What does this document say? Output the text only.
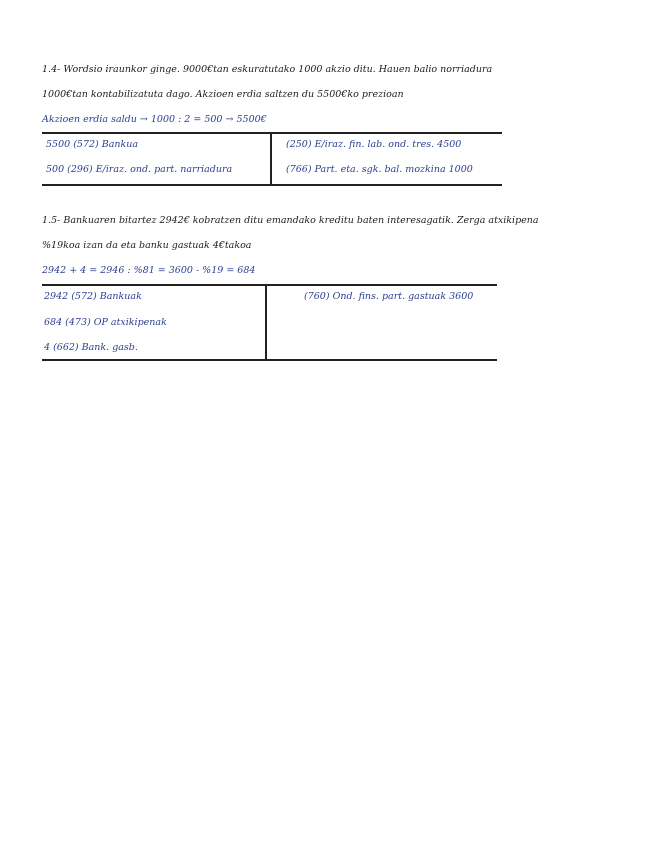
1.4- Wordsio iraunkor ginge. 9000€tan eskuratutako 1000 akzio ditu. Hauen balio norriadura
1000€tan kontabilizatuta dago. Akzioen erdia saltzen du 5500€ko prezioan
Akzioen erdia saldu → 1000 : 2 = 500 → 5500€
5500 (572) Bankua
500 (296) E/iraz. ond. part. narriadura
(250) E/iraz. fin. lab. ond. tres. 4500
(766) Part. eta. sgk. bal. mozkina 1000
1.5- Bankuaren bitartez 2942€ kobratzen ditu emandako kreditu baten interesagatik. Zerga atxikipena
%19koa izan da eta banku gastuak 4€takoa
2942 + 4 = 2946 : %81 = 3600 - %19 = 684
2942 (572) Bankuak
684 (473) OP atxikipenak
4 (662) Bank. gasb.
(760) Ond. fins. part. gastuak 3600
